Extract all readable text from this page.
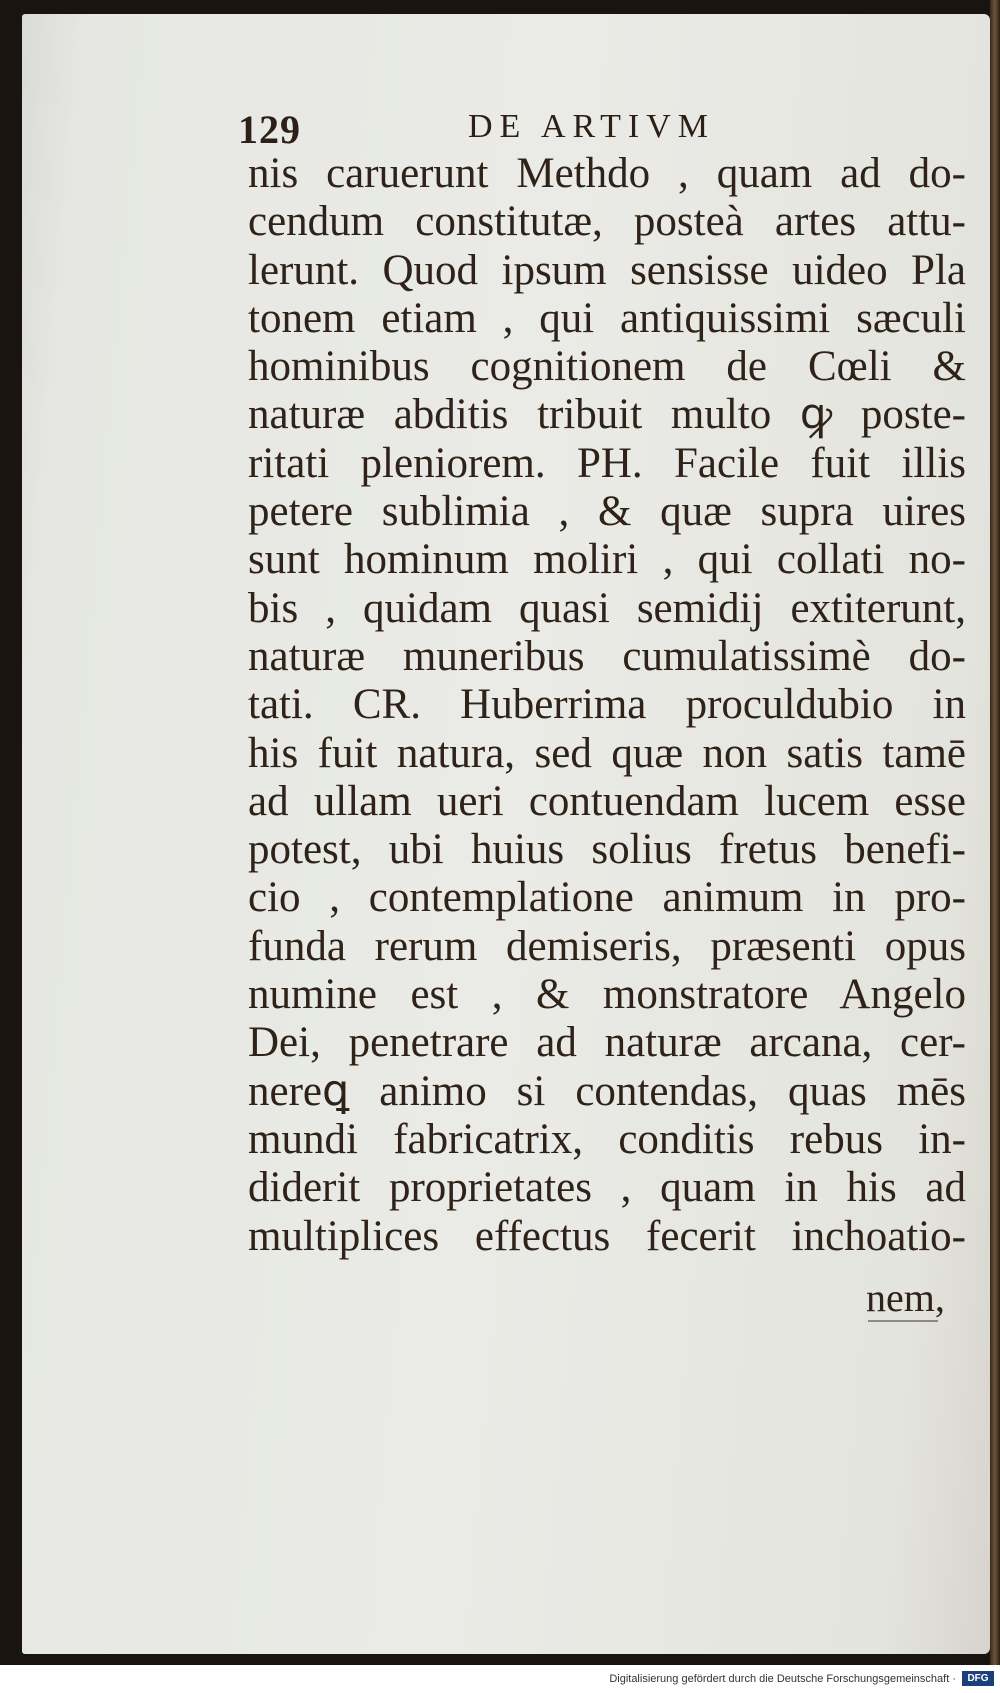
129	DE ARTIVM
nis caruerunt Methdo , quam ad do-
cendum constitutæ, posteà artes attu-
lerunt. Quod ipsum sensisse uideo Pla
tonem etiam , qui antiquissimi sæculi
hominibus cognitionem de Cœli &
naturæ abditis tribuit multo ꝙ poste-
ritati pleniorem. PH. Facile fuit illis
petere sublimia , & quæ supra uires
sunt hominum moliri , qui collati no-
bis , quidam quasi semidij extiterunt,
naturæ muneribus cumulatissimè do-
tati. CR. Huberrima proculdubio in
his fuit natura, sed quæ non satis tamē
ad ullam ueri contuendam lucem esse
potest, ubi huius solius fretus benefi-
cio , contemplatione animum in pro-
funda rerum demiseris, præsenti opus
numine est , & monstratore Angelo
Dei, penetrare ad naturæ arcana, cer-
nereꝗ animo si contendas, quas mēs
mundi fabricatrix, conditis rebus in-
diderit proprietates , quam in his ad
multiplices effectus fecerit inchoatio-
nem,
Digitalisierung gefördert durch die Deutsche Forschungsgemeinschaft ·	DFG
